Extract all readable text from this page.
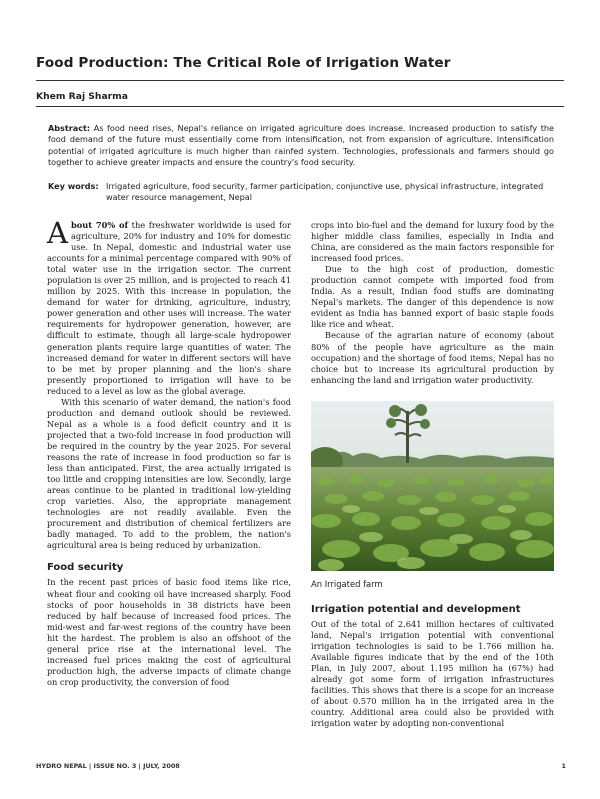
Food Production: The Critical Role of Irrigation Water
Khem Raj Sharma
Abstract: As food need rises, Nepal's reliance on irrigated agriculture does increase. Increased production to satisfy the food demand of the future must essentially come from intensification, not from expansion of agriculture. Intensification potential of irrigated agriculture is much higher than rainfed system. Technologies, professionals and farmers should go together to achieve greater impacts and ensure the country's food security.
Key words: Irrigated agriculture, food security, farmer participation, conjunctive use, physical infrastructure, integrated water resource management, Nepal

About 70% of the freshwater worldwide is used for agriculture, 20% for industry and 10% for domestic use. In Nepal, domestic and industrial water use accounts for a minimal percentage compared with 90% of total water use in the irrigation sector. The current population is over 25 million, and is projected to reach 41 million by 2025. With this increase in population, the demand for water for drinking, agriculture, industry, power generation and other uses will increase. The water requirements for hydropower generation, however, are difficult to estimate, though all large-scale hydropower generation plants require large quantities of water. The increased demand for water in different sectors will have to be met by proper planning and the lion's share presently proportioned to irrigation will have to be reduced to a level as low as the global average.

With this scenario of water demand, the nation's food production and demand outlook should be reviewed. Nepal as a whole is a food deficit country and it is projected that a two-fold increase in food production will be required in the country by the year 2025. For several reasons the rate of increase in food production so far is less than anticipated. First, the area actually irrigated is too little and cropping intensities are low. Secondly, large areas continue to be planted in traditional low-yielding crop varieties. Also, the appropriate management technologies are not readily available. Even the procurement and distribution of chemical fertilizers are badly managed. To add to the problem, the nation's agricultural area is being reduced by urbanization.

Food security

In the recent past prices of basic food items like rice, wheat flour and cooking oil have increased sharply. Food stocks of poor households in 38 districts have been reduced by half because of increased food prices. The mid-west and far-west regions of the country have been hit the hardest. The problem is also an offshoot of the general price rise at the international level. The increased fuel prices making the cost of agricultural production high, the adverse impacts of climate change on crop productivity, the conversion of food

crops into bio-fuel and the demand for luxury food by the higher middle class families, especially in India and China, are considered as the main factors responsible for increased food prices.

Due to the high cost of production, domestic production cannot compete with imported food from India. As a result, Indian food stuffs are dominating Nepal's markets. The danger of this dependence is now evident as India has banned export of basic staple foods like rice and wheat.

Because of the agrarian nature of economy (about 80% of the people have agriculture as the main occupation) and the shortage of food items, Nepal has no choice but to increase its agricultural production by enhancing the land and irrigation water productivity.

An Irrigated farm
Irrigation potential and development

Out of the total of 2.641 million hectares of cultivated land, Nepal's irrigation potential with conventional irrigation technologies is said to be 1.766 million ha. Available figures indicate that by the end of the 10th Plan, in July 2007, about 1.195 million ha (67%) had already got some form of irrigation infrastructures facilities. This shows that there is a scope for an increase of about 0.570 million ha in the irrigated area in the country. Additional area could also be provided with irrigation water by adopting non-conventional

HYDRO NEPAL | ISSUE NO. 3 | JULY, 2008	1
